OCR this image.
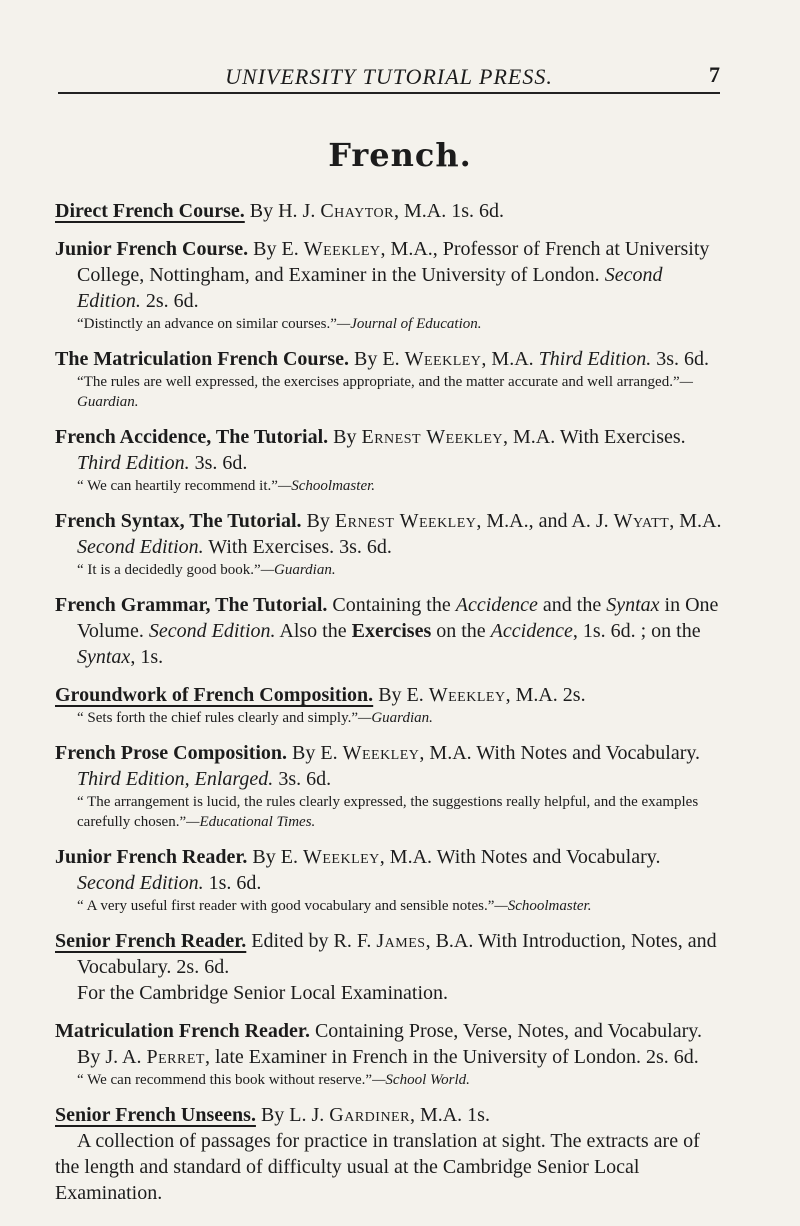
UNIVERSITY TUTORIAL PRESS.	7
French.

Direct French Course. By H. J. Chaytor, M.A. 1s. 6d.

Junior French Course. By E. Weekley, M.A., Professor of French at University College, Nottingham, and Examiner in the University of London. Second Edition. 2s. 6d.

“Distinctly an advance on similar courses.”—Journal of Education.

The Matriculation French Course. By E. Weekley, M.A. Third Edition. 3s. 6d.

“The rules are well expressed, the exercises appropriate, and the matter accurate and well arranged.”—Guardian.

French Accidence, The Tutorial. By Ernest Weekley, M.A. With Exercises. Third Edition. 3s. 6d.

“ We can heartily recommend it.”—Schoolmaster.

French Syntax, The Tutorial. By Ernest Weekley, M.A., and A. J. Wyatt, M.A. Second Edition. With Exercises. 3s. 6d.

“ It is a decidedly good book.”—Guardian.

French Grammar, The Tutorial. Containing the Accidence and the Syntax in One Volume. Second Edition. Also the Exercises on the Accidence, 1s. 6d. ; on the Syntax, 1s.

Groundwork of French Composition. By E. Weekley, M.A. 2s.

“ Sets forth the chief rules clearly and simply.”—Guardian.

French Prose Composition. By E. Weekley, M.A. With Notes and Vocabulary. Third Edition, Enlarged. 3s. 6d.

“ The arrangement is lucid, the rules clearly expressed, the suggestions really helpful, and the examples carefully chosen.”—Educational Times.

Junior French Reader. By E. Weekley, M.A. With Notes and Vocabulary. Second Edition. 1s. 6d.

“ A very useful first reader with good vocabulary and sensible notes.”—Schoolmaster.

Senior French Reader. Edited by R. F. James, B.A. With Introduction, Notes, and Vocabulary. 2s. 6d.

For the Cambridge Senior Local Examination.

Matriculation French Reader. Containing Prose, Verse, Notes, and Vocabulary. By J. A. Perret, late Examiner in French in the University of London. 2s. 6d.

“ We can recommend this book without reserve.”—School World.

Senior French Unseens. By L. J. Gardiner, M.A. 1s.

A collection of passages for practice in translation at sight. The extracts are of the length and standard of difficulty usual at the Cambridge Senior Local Examination.
